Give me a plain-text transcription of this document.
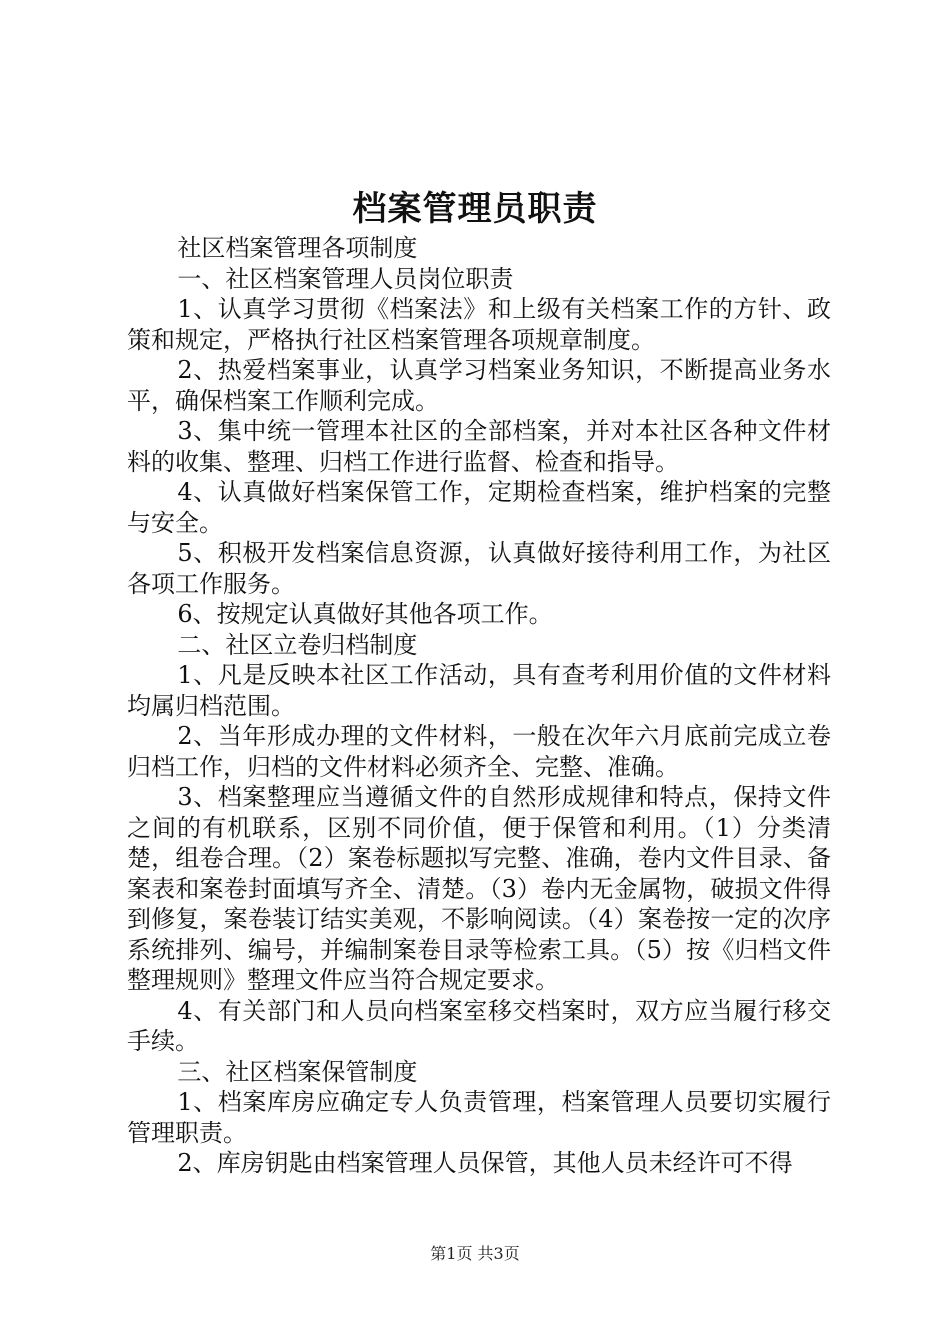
档案管理员职责

社区档案管理各项制度

一、社区档案管理人员岗位职责

1、认真学习贯彻《档案法》和上级有关档案工作的方针、政策和规定，严格执行社区档案管理各项规章制度。

2、热爱档案事业，认真学习档案业务知识，不断提高业务水平，确保档案工作顺利完成。

3、集中统一管理本社区的全部档案，并对本社区各种文件材料的收集、整理、归档工作进行监督、检查和指导。

4、认真做好档案保管工作，定期检查档案，维护档案的完整与安全。

5、积极开发档案信息资源，认真做好接待利用工作，为社区各项工作服务。

6、按规定认真做好其他各项工作。

二、社区立卷归档制度

1、凡是反映本社区工作活动，具有查考利用价值的文件材料均属归档范围。

2、当年形成办理的文件材料，一般在次年六月底前完成立卷归档工作，归档的文件材料必须齐全、完整、准确。

3、档案整理应当遵循文件的自然形成规律和特点，保持文件之间的有机联系，区别不同价值，便于保管和利用。（1）分类清楚，组卷合理。（2）案卷标题拟写完整、准确，卷内文件目录、备案表和案卷封面填写齐全、清楚。（3）卷内无金属物，破损文件得到修复，案卷装订结实美观，不影响阅读。（4）案卷按一定的次序系统排列、编号，并编制案卷目录等检索工具。（5）按《归档文件整理规则》整理文件应当符合规定要求。

4、有关部门和人员向档案室移交档案时，双方应当履行移交手续。

三、社区档案保管制度

1、档案库房应确定专人负责管理，档案管理人员要切实履行管理职责。

2、库房钥匙由档案管理人员保管，其他人员未经许可不得

第1页 共3页
